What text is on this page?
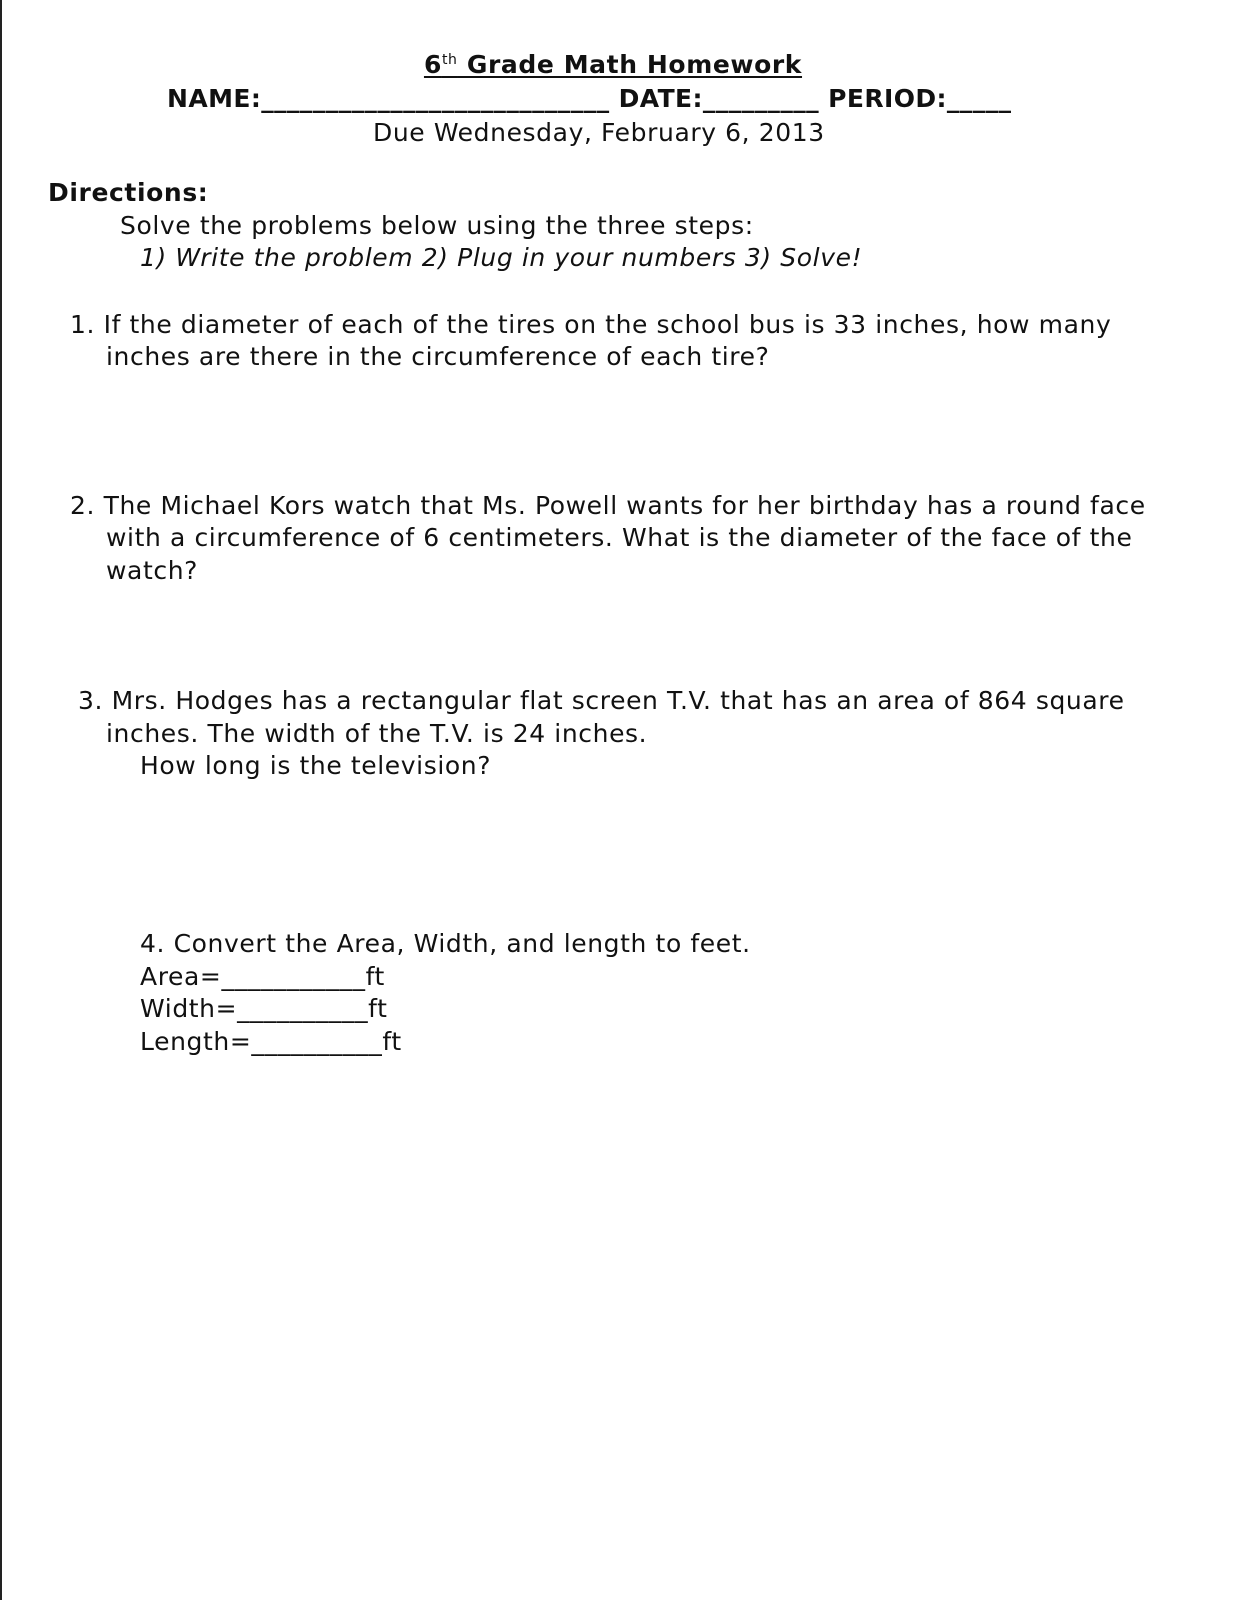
6th Grade Math Homework
NAME:___________________________ DATE:_________ PERIOD:_____
Due Wednesday, February 6, 2013
Directions:
Solve the problems below using the three steps:
1) Write the problem 2) Plug in your numbers 3) Solve!
1. If the diameter of each of the tires on the school bus is 33 inches, how many
inches are there in the circumference of each tire?
2. The Michael Kors watch that Ms. Powell wants for her birthday has a round face
with a circumference of 6 centimeters. What is the diameter of the face of the
watch?
3. Mrs. Hodges has a rectangular flat screen T.V. that has an area of 864 square
inches. The width of the T.V. is 24 inches.
How long is the television?
4. Convert the Area, Width, and length to feet.
Area=___________ft
Width=__________ft
Length=__________ft
